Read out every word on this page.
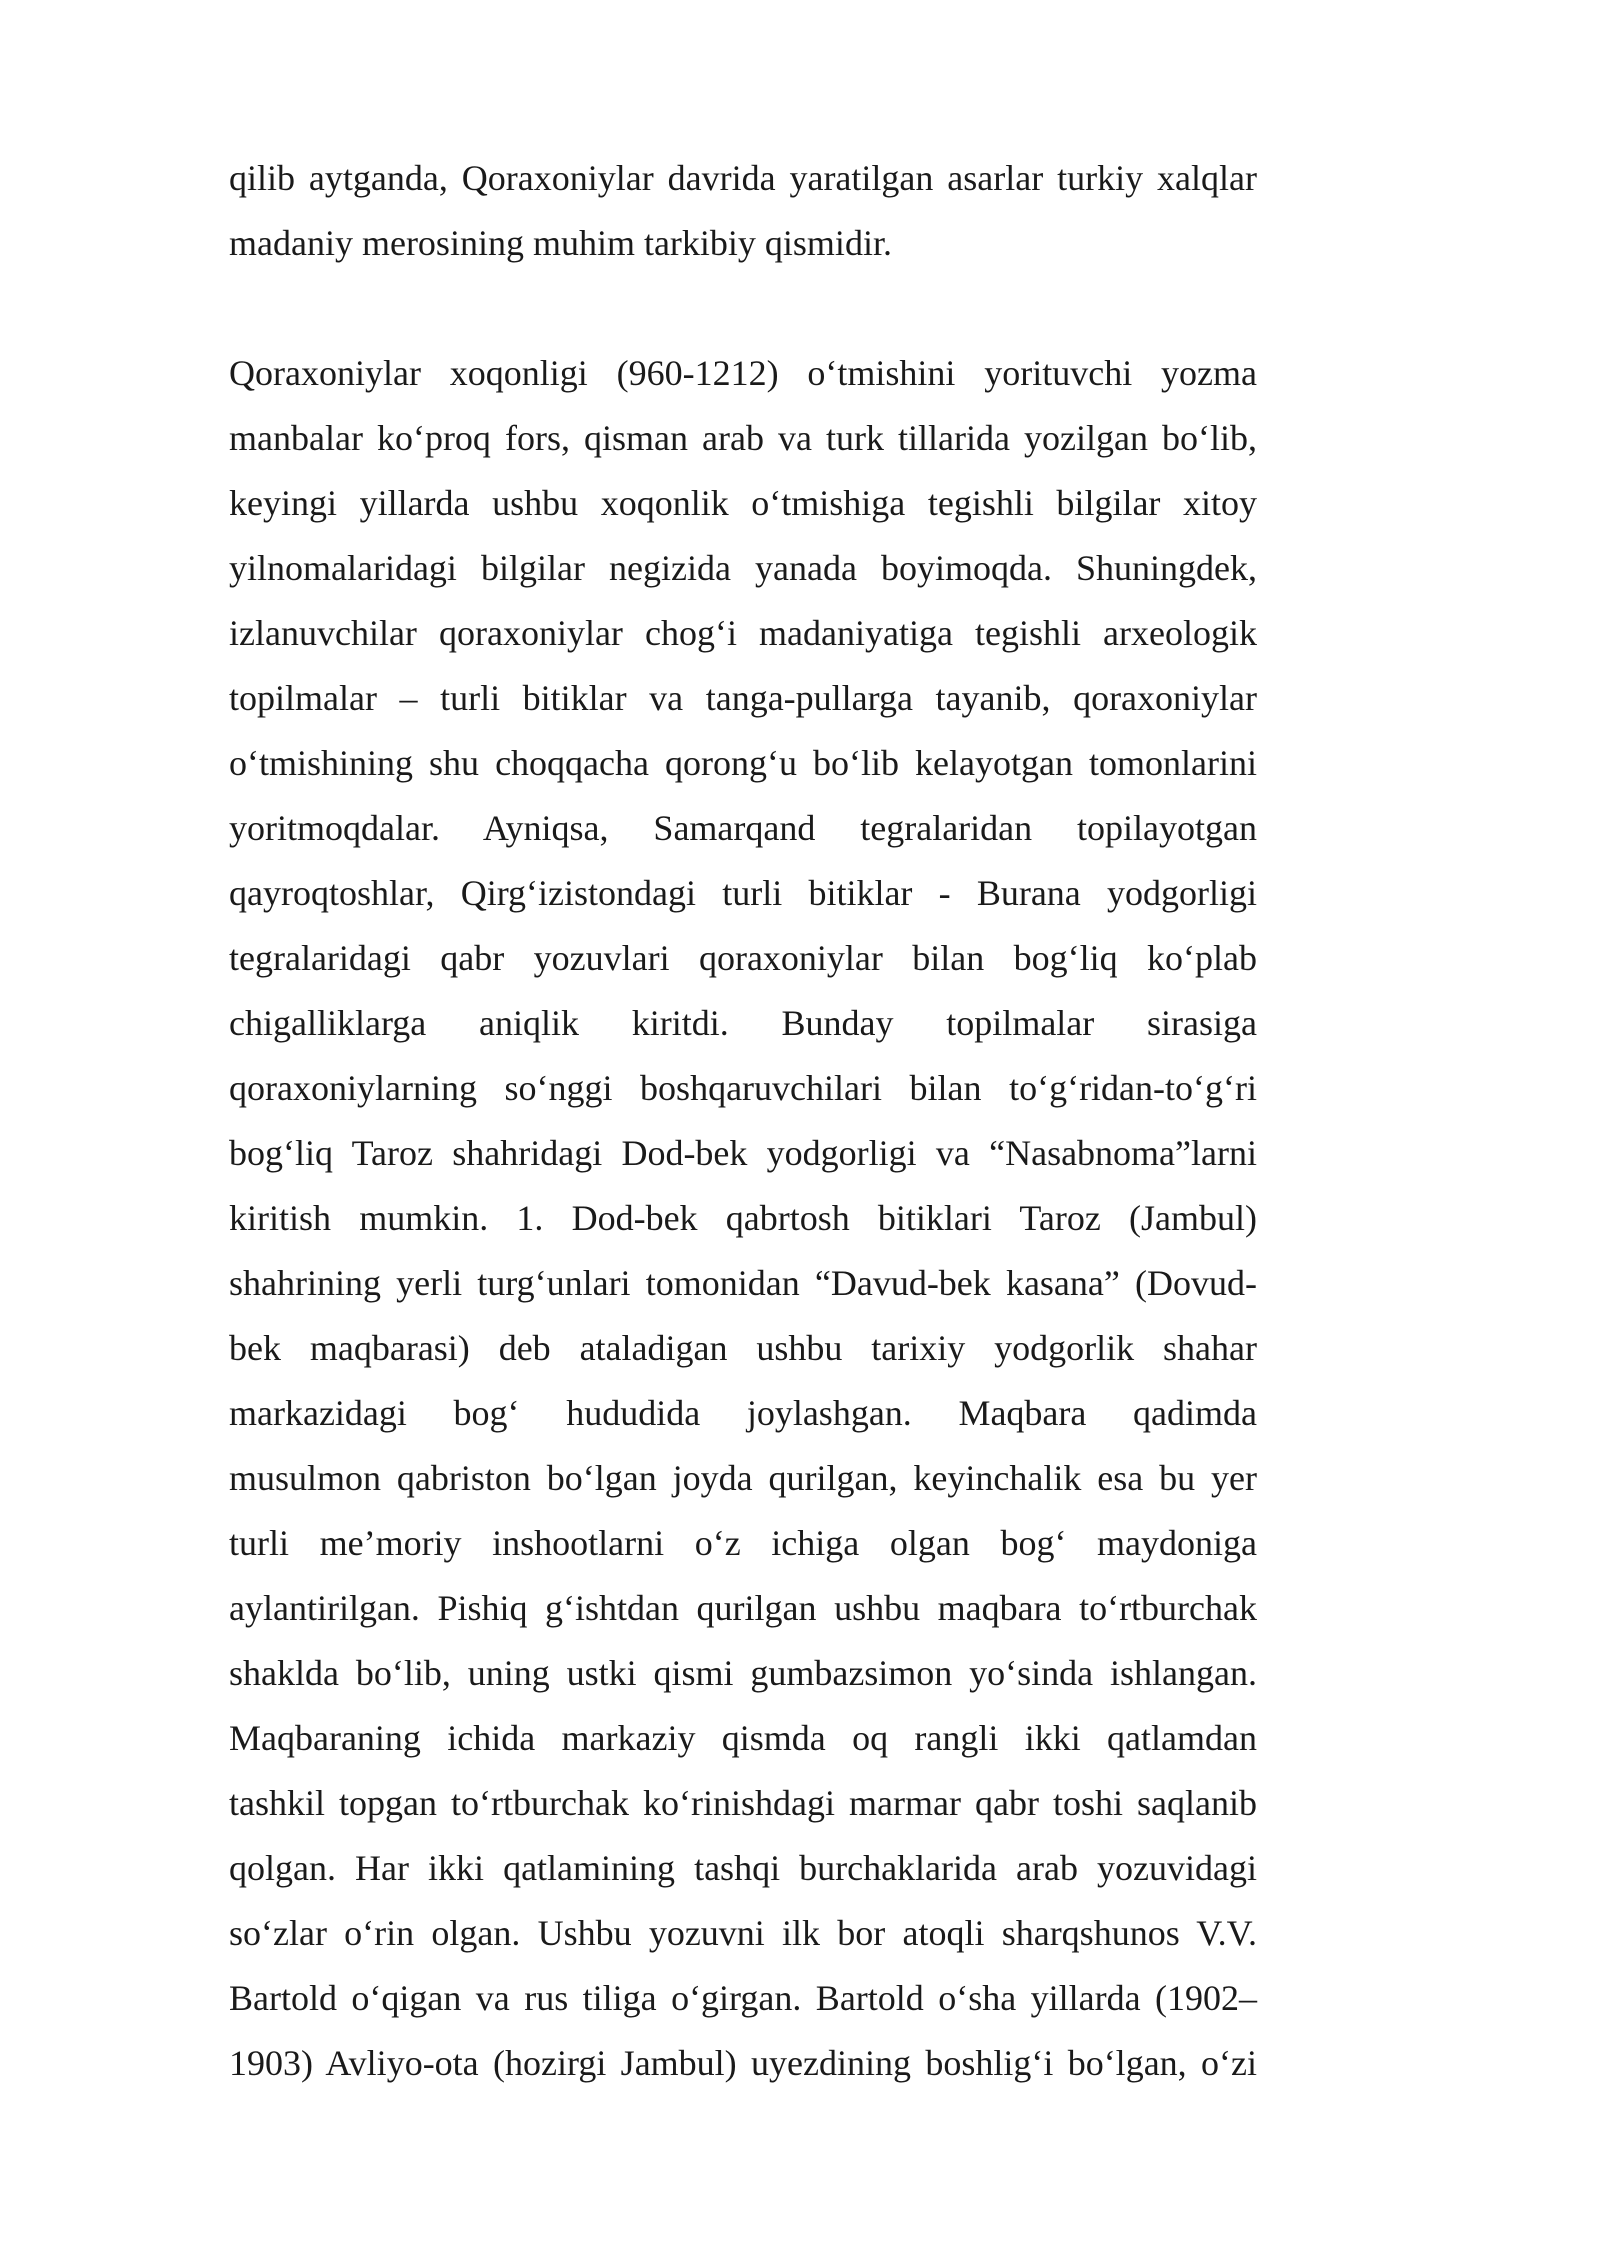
qilib aytganda, Qoraxoniylar davrida yaratilgan asarlar turkiy xalqlar
madaniy merosining muhim tarkibiy qismidir.
Qoraxoniylar xoqonligi (960-1212) o‘tmishini yorituvchi yozma
manbalar ko‘proq fors, qisman arab va turk tillarida yozilgan bo‘lib,
keyingi yillarda ushbu xoqonlik o‘tmishiga tegishli bilgilar xitoy
yilnomalaridagi bilgilar negizida yanada boyimoqda. Shuningdek,
izlanuvchilar qoraxoniylar chog‘i madaniyatiga tegishli arxeologik
topilmalar – turli bitiklar va tanga-pullarga tayanib, qoraxoniylar
o‘tmishining shu choqqacha qorong‘u bo‘lib kelayotgan tomonlarini
yoritmoqdalar. Ayniqsa, Samarqand tegralaridan topilayotgan
qayroqtoshlar, Qirg‘izistondagi turli bitiklar - Burana yodgorligi
tegralaridagi qabr yozuvlari qoraxoniylar bilan bog‘liq ko‘plab
chigalliklarga aniqlik kiritdi. Bunday topilmalar sirasiga
qoraxoniylarning so‘nggi boshqaruvchilari bilan to‘g‘ridan-to‘g‘ri
bog‘liq Taroz shahridagi Dod-bek yodgorligi va “Nasabnoma”larni
kiritish mumkin. 1. Dod-bek qabrtosh bitiklari Taroz (Jambul)
shahrining yerli turg‘unlari tomonidan “Davud-bek kasana” (Dovud-
bek maqbarasi) deb ataladigan ushbu tarixiy yodgorlik shahar
markazidagi bog‘ hududida joylashgan. Maqbara qadimda
musulmon qabriston bo‘lgan joyda qurilgan, keyinchalik esa bu yer
turli me’moriy inshootlarni o‘z ichiga olgan bog‘ maydoniga
aylantirilgan. Pishiq g‘ishtdan qurilgan ushbu maqbara to‘rtburchak
shaklda bo‘lib, uning ustki qismi gumbazsimon yo‘sinda ishlangan.
Maqbaraning ichida markaziy qismda oq rangli ikki qatlamdan
tashkil topgan to‘rtburchak ko‘rinishdagi marmar qabr toshi saqlanib
qolgan. Har ikki qatlamining tashqi burchaklarida arab yozuvidagi
so‘zlar o‘rin olgan. Ushbu yozuvni ilk bor atoqli sharqshunos V.V.
Bartold o‘qigan va rus tiliga o‘girgan. Bartold o‘sha yillarda (1902–
1903) Avliyo-ota (hozirgi Jambul) uyezdining boshlig‘i bo‘lgan, o‘zi
